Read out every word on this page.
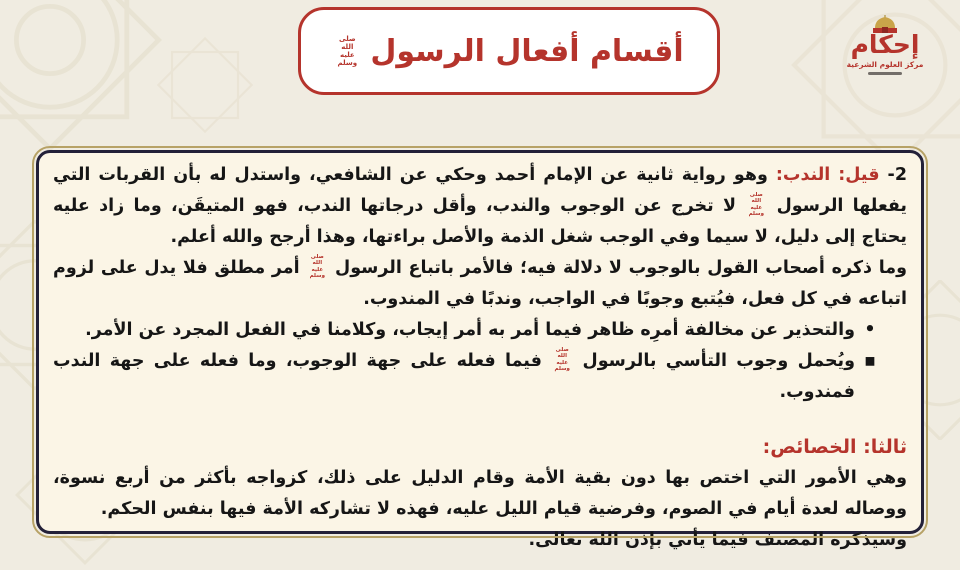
أقسام أفعال الرسول
صلى الله عليه وسلم
إحكام
مركز العلوم الشرعية

2- قيل: الندب: وهو رواية ثانية عن الإمام أحمد وحكي عن الشافعي، واستدل له بأن القربات التي يفعلها الرسول صلى الله عليه وسلم لا تخرج عن الوجوب والندب، وأقل درجاتها الندب، فهو المتيقَن، وما زاد عليه يحتاج إلى دليل، لا سيما وفي الوجب شغل الذمة والأصل براءتها، وهذا أرجح والله أعلم.

وما ذكره أصحاب القول بالوجوب لا دلالة فيه؛ فالأمر باتباع الرسول صلى الله عليه وسلم أمر مطلق فلا يدل على لزوم اتباعه في كل فعل، فيُتبع وجوبًا في الواجب، وندبًا في المندوب.

•
والتحذير عن مخالفة أمرِه ظاهر فيما أمر به أمر إيجاب، وكلامنا في الفعل المجرد عن الأمر.
▪
ويُحمل وجوب التأسي بالرسول صلى الله عليه وسلم فيما فعله على جهة الوجوب، وما فعله على جهة الندب فمندوب.

ثالثا: الخصائص:

وهي الأمور التي اختص بها دون بقية الأمة وقام الدليل على ذلك، كزواجه بأكثر من أربع نسوة، ووصاله لعدة أيام في الصوم، وفرضية قيام الليل عليه، فهذه لا تشاركه الأمة فيها بنفس الحكم.

وسيذكره المصنف فيما يأتي بإذن الله تعالى.
